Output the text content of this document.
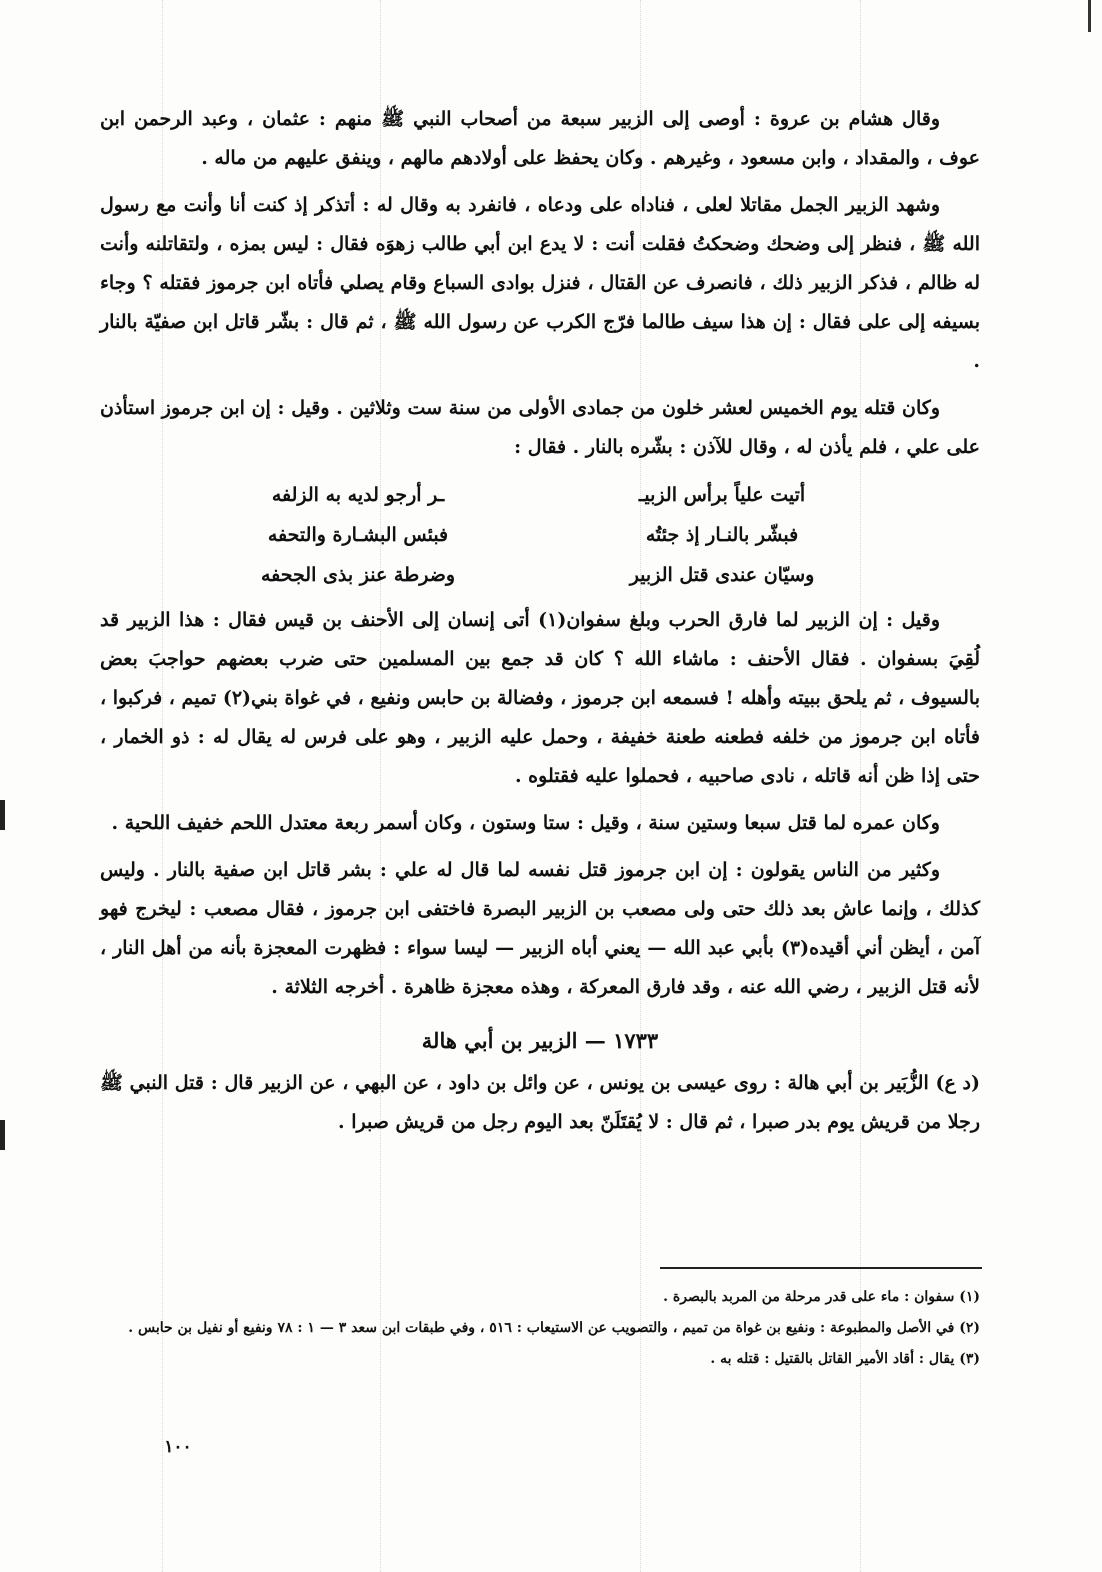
وقال هشام بن عروة : أوصى إلى الزبير سبعة من أصحاب النبي ﷺ منهم : عثمان ، وعبد الرحمن ابن عوف ، والمقداد ، وابن مسعود ، وغيرهم . وكان يحفظ على أولادهم مالهم ، وينفق عليهم من ماله .

وشهد الزبير الجمل مقاتلا لعلى ، فناداه على ودعاه ، فانفرد به وقال له : أتذكر إذ كنت أنا وأنت مع رسول الله ﷺ ، فنظر إلى وضحك وضحكتُ فقلت أنت : لا يدع ابن أبي طالب زهوَه فقال : ليس بمزه ، ولتقاتلنه وأنت له ظالم ، فذكر الزبير ذلك ، فانصرف عن القتال ، فنزل بوادى السباع وقام يصلي فأتاه ابن جرموز فقتله ؟ وجاء بسيفه إلى على فقال : إن هذا سيف طالما فرّج الكرب عن رسول الله ﷺ ، ثم قال : بشّر قاتل ابن صفيّة بالنار .

وكان قتله يوم الخميس لعشر خلون من جمادى الأولى من سنة ست وثلاثين . وقيل : إن ابن جرموز استأذن على علي ، فلم يأذن له ، وقال للآذن : بشّره بالنار . فقال :

أتيت علياً برأس الزبيـ
ـر أرجو لديه به الزلفه
فبشّر بالنـار إذ جئتُه
فبئس البشـارة والتحفه
وسيّان عندى قتل الزبير
وضرطة عنز بذى الجحفه

وقيل : إن الزبير لما فارق الحرب وبلغ سفوان(١) أتى إنسان إلى الأحنف بن قيس فقال : هذا الزبير قد لُقِيَ بسفوان . فقال الأحنف : ماشاء الله ؟ كان قد جمع بين المسلمين حتى ضرب بعضهم حواجبَ بعض بالسيوف ، ثم يلحق ببيته وأهله ! فسمعه ابن جرموز ، وفضالة بن حابس ونفيع ، في غواة بني(٢) تميم ، فركبوا ، فأتاه ابن جرموز من خلفه فطعنه طعنة خفيفة ، وحمل عليه الزبير ، وهو على فرس له يقال له : ذو الخمار ، حتى إذا ظن أنه قاتله ، نادى صاحبيه ، فحملوا عليه فقتلوه .

وكان عمره لما قتل سبعا وستين سنة ، وقيل : ستا وستون ، وكان أسمر ربعة معتدل اللحم خفيف اللحية .

وكثير من الناس يقولون : إن ابن جرموز قتل نفسه لما قال له علي : بشر قاتل ابن صفية بالنار . وليس كذلك ، وإنما عاش بعد ذلك حتى ولى مصعب بن الزبير البصرة فاختفى ابن جرموز ، فقال مصعب : ليخرج فهو آمن ، أيظن أني أقيده(٣) بأبي عبد الله — يعني أباه الزبير — ليسا سواء : فظهرت المعجزة بأنه من أهل النار ، لأنه قتل الزبير ، رضي الله عنه ، وقد فارق المعركة ، وهذه معجزة ظاهرة . أخرجه الثلاثة .

١٧٣٣ — الزبير بن أبي هالة

(د ع) الزُّبَير بن أبي هالة : روى عيسى بن يونس ، عن وائل بن داود ، عن البهي ، عن الزبير قال : قتل النبي ﷺ رجلا من قريش يوم بدر صبرا ، ثم قال : لا يُقتَلَنّ بعد اليوم رجل من قريش صبرا .

(١) سفوان : ماء على قدر مرحلة من المربد بالبصرة .

(٢) في الأصل والمطبوعة : ونفيع بن غواة من تميم ، والتصويب عن الاستيعاب : ٥١٦ ، وفي طبقات ابن سعد ٣ — ١ : ٧٨ ونفيع أو نفيل بن حابس .

(٣) يقال : أقاد الأمير القاتل بالقتيل : قتله به .

١٠٠
